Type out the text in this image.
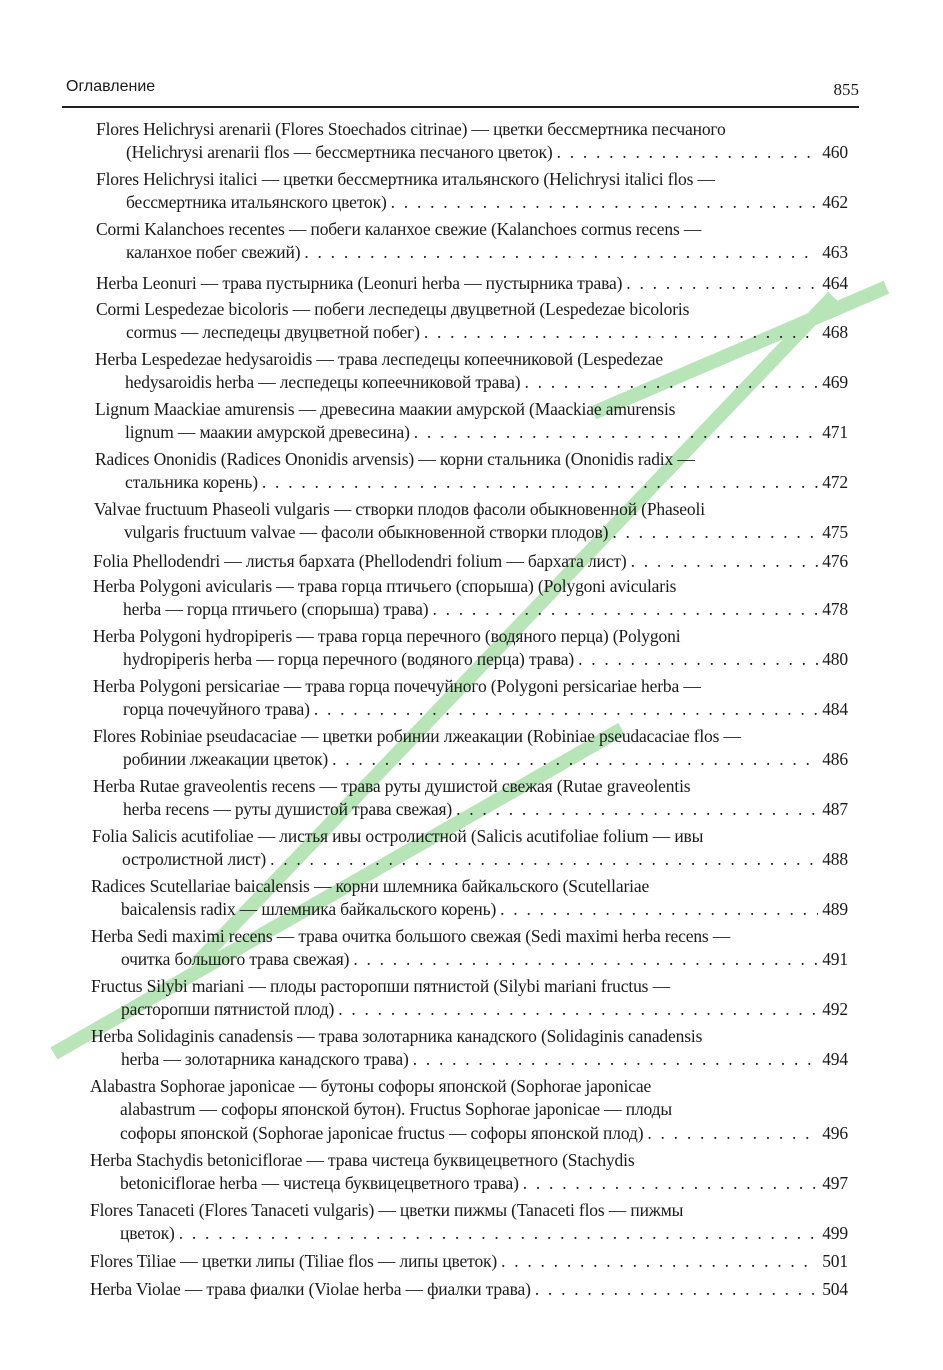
Оглавление	855
Flores Helichrysi arenarii (Flores Stoechados citrinae) — цветки бессмертника песчаного
(Helichrysi arenarii flos — бессмертника песчаного цветок) . . .	460
Flores Helichrysi italici — цветки бессмертника итальянского (Helichrysi italici flos —
бессмертника итальянского цветок) . . .	462
Cormi Kalanchoes recentes — побеги каланхое свежие (Kalanchoes cormus recens —
каланхое побег свежий) . . .	463
Herba Leonuri — трава пустырника (Leonuri herba — пустырника трава) . . .	464
Cormi Lespedezae bicoloris — побеги леспедецы двуцветной (Lespedezae bicoloris
cormus — леспедецы двуцветной побег) . . .	468
Herba Lespedezae hedysaroidis — трава леспедецы копеечниковой (Lespedezae
hedysaroidis herba — леспедецы копеечниковой трава) . . .	469
Lignum Maackiae amurensis — древесина маакии амурской (Maackiae amurensis
lignum — маакии амурской древесина) . . .	471
Radices Ononidis (Radices Ononidis arvensis) — корни стальника (Ononidis radix —
стальника корень) . . .	472
Valvae fructuum Phaseoli vulgaris — створки плодов фасоли обыкновенной (Phaseoli
vulgaris fructuum valvae — фасоли обыкновенной створки плодов) . . .	475
Folia Phellodendri — листья бархата (Phellodendri folium — бархата лист) . . .	476
Herba Polygoni avicularis — трава горца птичьего (спорыша) (Polygoni avicularis
herba — горца птичьего (спорыша) трава) . . .	478
Herba Polygoni hydropiperis — трава горца перечного (водяного перца) (Polygoni
hydropiperis herba — горца перечного (водяного перца) трава) . . .	480
Herba Polygoni persicariae — трава горца почечуйного (Polygoni persicariae herba —
горца почечуйного трава) . . .	484
Flores Robiniae pseudacaciae — цветки робинии лжеакации (Robiniae pseudacaciae flos —
робинии лжеакации цветок) . . .	486
Herba Rutae graveolentis recens — трава руты душистой свежая (Rutae graveolentis
herba recens — руты душистой трава свежая) . . .	487
Folia Salicis acutifoliae — листья ивы остролистной (Salicis acutifoliae folium — ивы
остролистной лист) . . .	488
Radices Scutellariae baicalensis — корни шлемника байкальского (Scutellariae
baicalensis radix — шлемника байкальского корень) . . .	489
Herba Sedi maximi recens — трава очитка большого свежая (Sedi maximi herba recens —
очитка большого трава свежая) . . .	491
Fructus Silybi mariani — плоды расторопши пятнистой (Silybi mariani fructus —
расторопши пятнистой плод) . . .	492
Herba Solidaginis canadensis — трава золотарника канадского (Solidaginis canadensis
herba — золотарника канадского трава) . . .	494
Alabastra Sophorae japonicae — бутоны софоры японской (Sophorae japonicae
alabastrum — софоры японской бутон). Fructus Sophorae japonicae — плоды
софоры японской (Sophorae japonicae fructus — софоры японской плод) . . .	496
Herba Stachydis betoniciflorae — трава чистеца буквицецветного (Stachydis
betoniciflorae herba — чистеца буквицецветного трава) . . .	497
Flores Tanaceti (Flores Tanaceti vulgaris) — цветки пижмы (Tanaceti flos — пижмы
цветок) . . .	499
Flores Tiliae — цветки липы (Tiliae flos — липы цветок) . . .	501
Herba Violae — трава фиалки (Violae herba — фиалки трава) . . .	504
